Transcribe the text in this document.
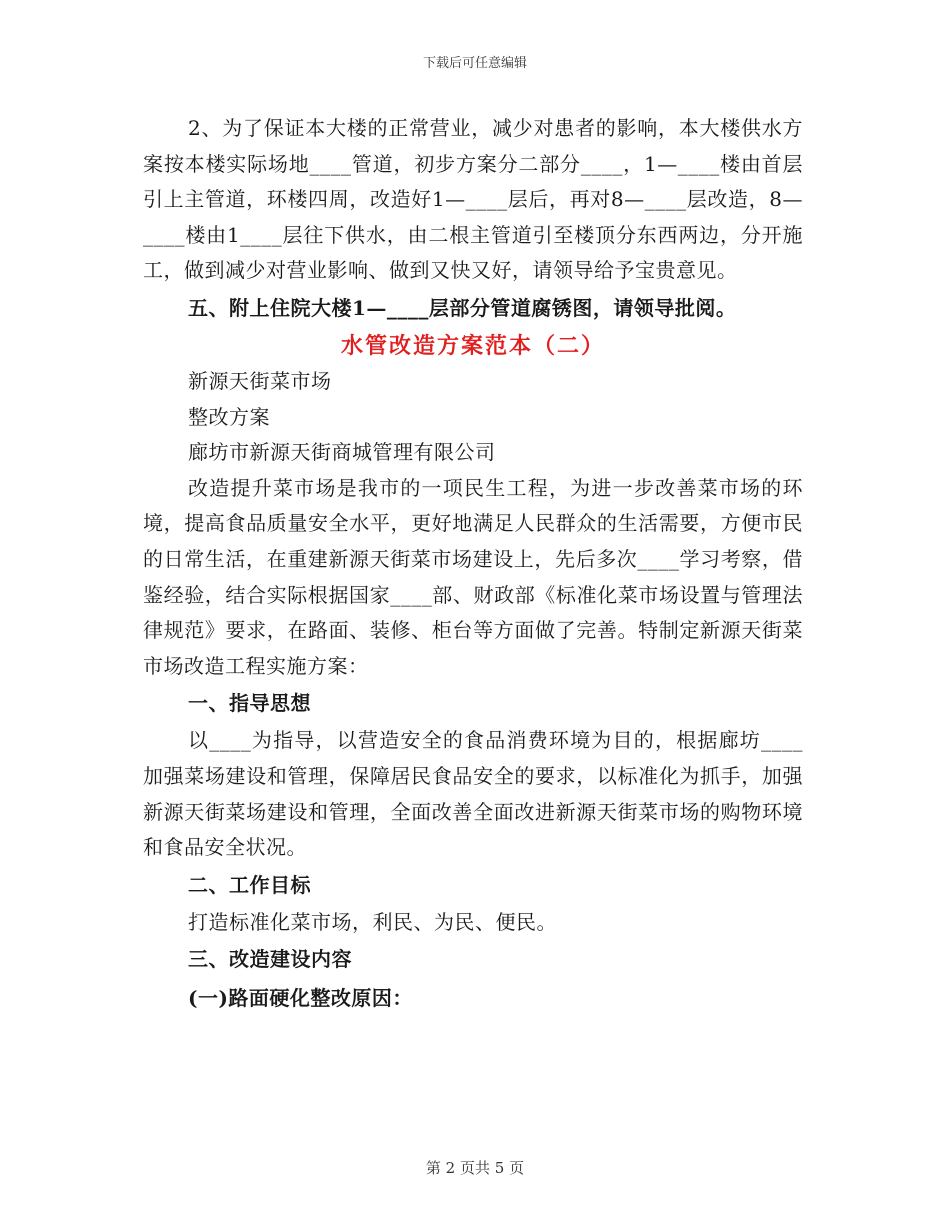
下载后可任意编辑

2、为了保证本大楼的正常营业，减少对患者的影响，本大楼供水方案按本楼实际场地____管道，初步方案分二部分____，1—____楼由首层引上主管道，环楼四周，改造好1—____层后，再对8—____层改造，8—____楼由1____层往下供水，由二根主管道引至楼顶分东西两边，分开施工，做到减少对营业影响、做到又快又好，请领导给予宝贵意见。

五、附上住院大楼1—____层部分管道腐锈图，请领导批阅。

水管改造方案范本（二）

新源天街菜市场

整改方案

廊坊市新源天街商城管理有限公司

改造提升菜市场是我市的一项民生工程，为进一步改善菜市场的环境，提高食品质量安全水平，更好地满足人民群众的生活需要，方便市民的日常生活，在重建新源天街菜市场建设上，先后多次____学习考察，借鉴经验，结合实际根据国家____部、财政部《标准化菜市场设置与管理法律规范》要求，在路面、装修、柜台等方面做了完善。特制定新源天街菜市场改造工程实施方案：

一、指导思想

以____为指导，以营造安全的食品消费环境为目的，根据廊坊____加强菜场建设和管理，保障居民食品安全的要求，以标准化为抓手，加强新源天街菜场建设和管理，全面改善全面改进新源天街菜市场的购物环境和食品安全状况。

二、工作目标

打造标准化菜市场，利民、为民、便民。

三、改造建设内容

(一)路面硬化整改原因：

第 2 页共 5 页
